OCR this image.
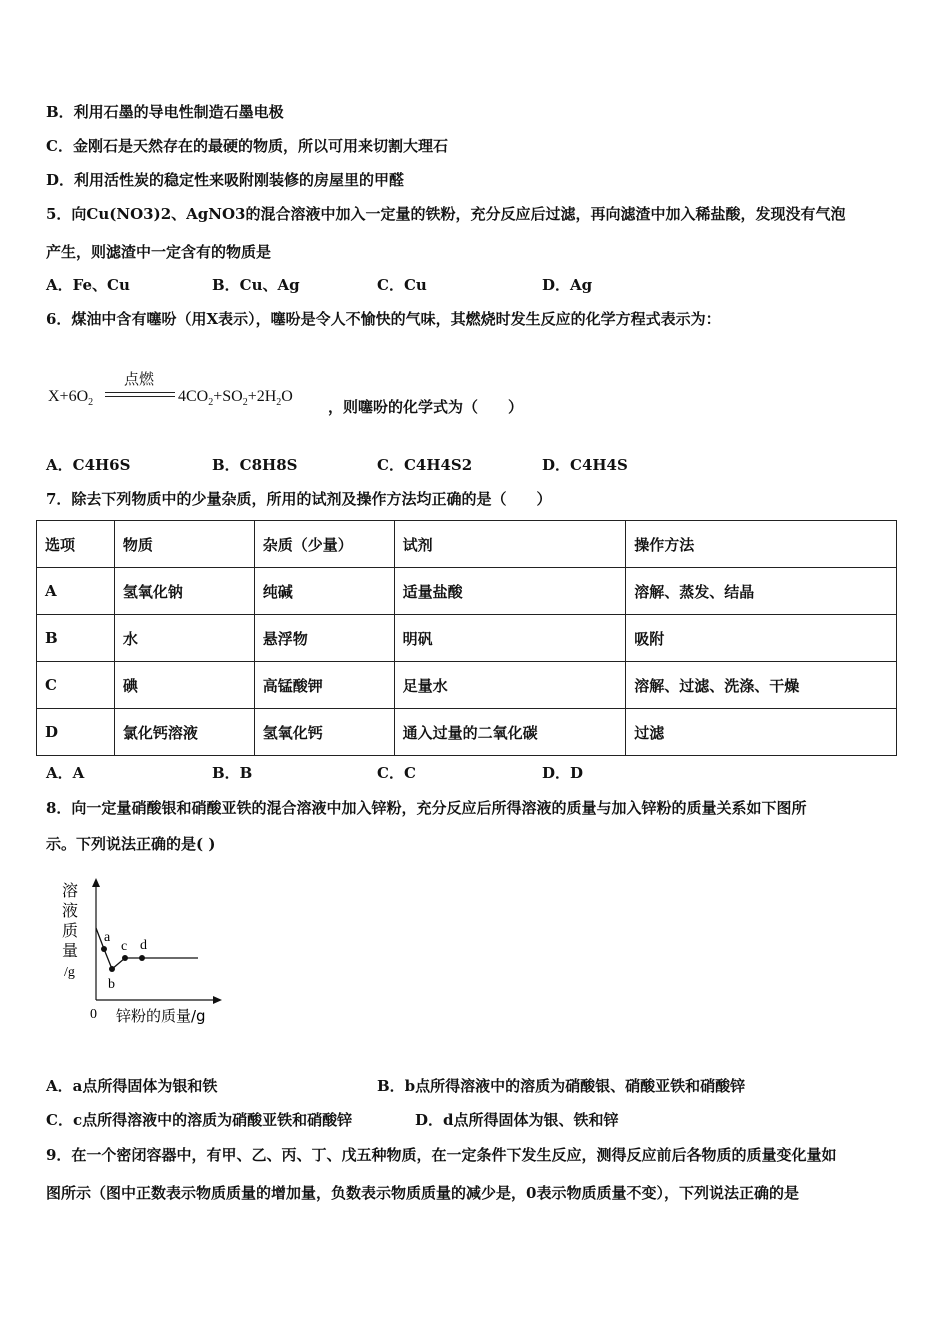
B．利用石墨的导电性制造石墨电极
C．金刚石是天然存在的最硬的物质，所以可用来切割大理石
D．利用活性炭的稳定性来吸附刚装修的房屋里的甲醛
5．向Cu(NO3)2、AgNO3的混合溶液中加入一定量的铁粉，充分反应后过滤，再向滤渣中加入稀盐酸，发现没有气泡
产生，则滤渣中一定含有的物质是
A．Fe、Cu	B．Cu、Ag	C．Cu	D．Ag
6．煤油中含有噻吩（用X表示），噻吩是令人不愉快的气味，其燃烧时发生反应的化学方程式表示为：
$X+6O_2$
点燃
$4CO_2+SO_2+2H_2O$
，则噻吩的化学式为（　　）
A．C4H6S	B．C8H8S	C．C4H4S2	D．C4H4S
7．除去下列物质中的少量杂质，所用的试剂及操作方法均正确的是（　　）
选项	物质	杂质（少量）	试剂	操作方法
A	氢氧化钠	纯碱	适量盐酸	溶解、蒸发、结晶
B	水	悬浮物	明矾	吸附
C	碘	高锰酸钾	足量水	溶解、过滤、洗涤、干燥
D	氯化钙溶液	氢氧化钙	通入过量的二氧化碳	过滤
A．A	B．B	C．C	D．D
8．向一定量硝酸银和硝酸亚铁的混合溶液中加入锌粉，充分反应后所得溶液的质量与加入锌粉的质量关系如下图所
示。下列说法正确的是( )
a
b
c d
溶
液
质
量
/g
0 锌粉的质量/g
A．a点所得固体为银和铁	B．b点所得溶液中的溶质为硝酸银、硝酸亚铁和硝酸锌
C．c点所得溶液中的溶质为硝酸亚铁和硝酸锌	D．d点所得固体为银、铁和锌
9．在一个密闭容器中，有甲、乙、丙、丁、戊五种物质，在一定条件下发生反应，测得反应前后各物质的质量变化量如
图所示（图中正数表示物质质量的增加量，负数表示物质质量的减少是，0表示物质质量不变），下列说法正确的是
